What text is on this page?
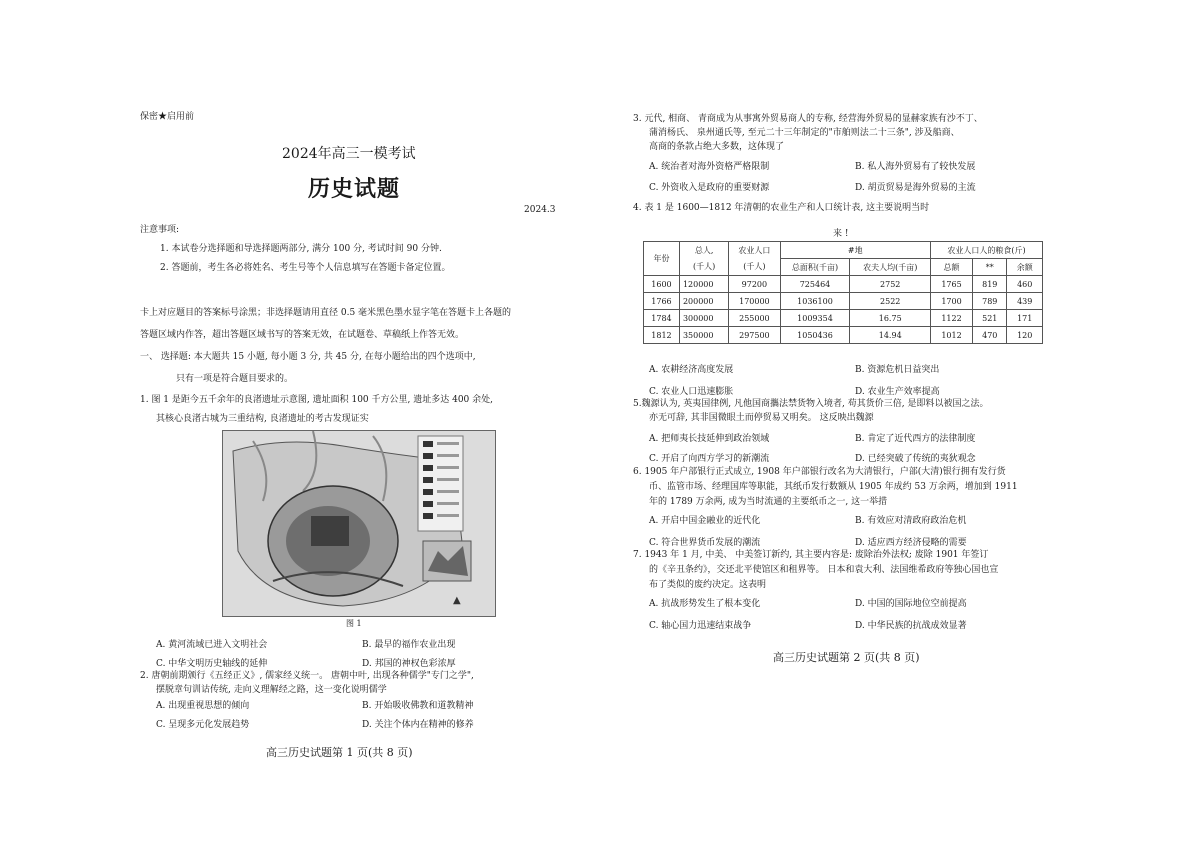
保密★启用前
2024年高三一模考试
历史试题
2024.3
注意事项:
1. 本试卷分选择题和导选择题两部分, 满分 100 分, 考试时间 90 分钟.
2. 答题前，考生各必将姓名、考生号等个人信息填写在答题卡备定位置。
卡上对应题目的答案标号涂黑；非选择题请用直径 0.5 毫米黑色墨水显字笔在答题卡上各题的
答题区域内作答，超出答题区域书写的答案无效，在试题卷、草稿纸上作答无效。
一、 选择题: 本大题共 15 小题, 每小题 3 分, 共 45 分, 在每小题给出的四个选项中,
只有一项是符合题目要求的。
1. 图 1 是距今五千余年的良渚遗址示意图, 遗址面积 100 千方公里, 遗址多达 400 余处,
其核心良渚古城为三重结构, 良渚遗址的考古发现证实
▲
图 1
A. 黄河流域已进入文明社会	B. 最早的福作农业出现
C. 中华文明历史轴线的延伸	D. 邦国的神权色彩浓厚
2. 唐朝前期颁行《五经正义》, 儒家经义统一。 唐朝中叶, 出现各种儒学"专门之学",
摆脱章句训诂传统, 走向义理解经之路，这一变化说明儒学
A. 出现重视思想的倾向	B. 开始吸收佛教和道教精神
C. 呈现多元化发展趋势	D. 关注个体内在精神的修养
高三历史试题第 1 页(共 8 页)
3. 元代, 相商、 青商成为从事寓外贸易商人的专称, 经营海外贸易的显赫家族有沙不丁、
蒲消杨氏、 泉州通氏等, 至元二十三年制定的"市舶则法二十三条", 涉及船商、
高商的条款占绝大多数，这体现了
A. 统治者对海外资格严格限制	B. 私人海外贸易有了较快发展
C. 外资收入是政府的重要财源	D. 胡贡贸易是海外贸易的主流
4. 表 1 是 1600—1812 年清朝的农业生产和人口统计表, 这主要说明当时
来 !
年份	总人,	农业人口	#地		农业人口人的粮食(斤)		
	(千人)	(千人)	总面积(千亩)	农夫人均(千亩)	总额	**	余额
1600	120000	97200	725464	2752	1765	819	460
1766	200000	170000	1036100	2522	1700	789	439
1784	300000	255000	1009354	16.75	1122	521	171
1812	350000	297500	1050436	14.94	1012	470	120
A. 农耕经济高度发展	B. 资源危机日益突出
C. 农业人口迅速膨胀	D. 农业生产效率提高
5.魏源认为, 英夷国律例, 凡他国商攜法禁货物入境者, 苟其货价三倍, 是即料以被国之法。
亦无可辞, 其非国微眼土而停贸易又明矣。 这反映出魏源
A. 把师夷长技延伸到政治领域	B. 肯定了近代西方的法律制度
C. 开启了向西方学习的新潮流	D. 已经突破了传统的夷狄观念
6. 1905 年户部银行正式成立, 1908 年户部银行改名为大清银行，户部(大清)银行拥有发行货
币、监管市场、经理国库等职能，其纸币发行数额从 1905 年成约 53 万余两，增加到 1911
年的 1789 万余两, 成为当时流通的主要纸币之一, 这一举措
A. 开启中国金融业的近代化	B. 有效应对清政府政治危机
C. 符合世界货币发展的潮流	D. 适应西方经济侵略的需要
7. 1943 年 1 月, 中美、 中美签订新约, 其主要内容是: 废除治外法权; 废除 1901 年签订
的《辛丑条约》，交还北平使馆区和租界等。 日本和袁大利、法国维希政府等独心国也宣
布了类似的废约决定。这表明
A. 抗战形势发生了根本变化	D. 中国的国际地位空前提高
C. 轴心国力迅速结束战争	D. 中华民族的抗战成效显著
高三历史试题第 2 页(共 8 页)
